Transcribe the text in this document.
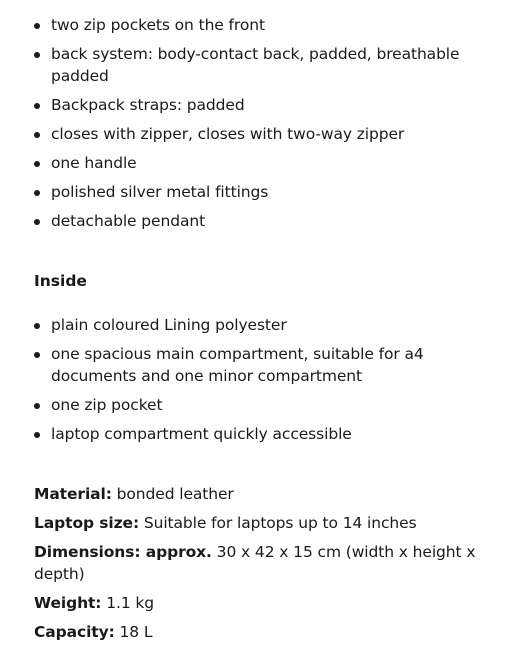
two zip pockets on the front
back system: body-contact back, padded, breathable padded
Backpack straps: padded
closes with zipper, closes with two-way zipper
one handle
polished silver metal fittings
detachable pendant
Inside
plain coloured Lining polyester
one spacious main compartment, suitable for a4 documents and one minor compartment
one zip pocket
laptop compartment quickly accessible
Material: bonded leather
Laptop size: Suitable for laptops up to 14 inches
Dimensions: approx. 30 x 42 x 15 cm (width x height x depth)
Weight: 1.1 kg
Capacity: 18 L
